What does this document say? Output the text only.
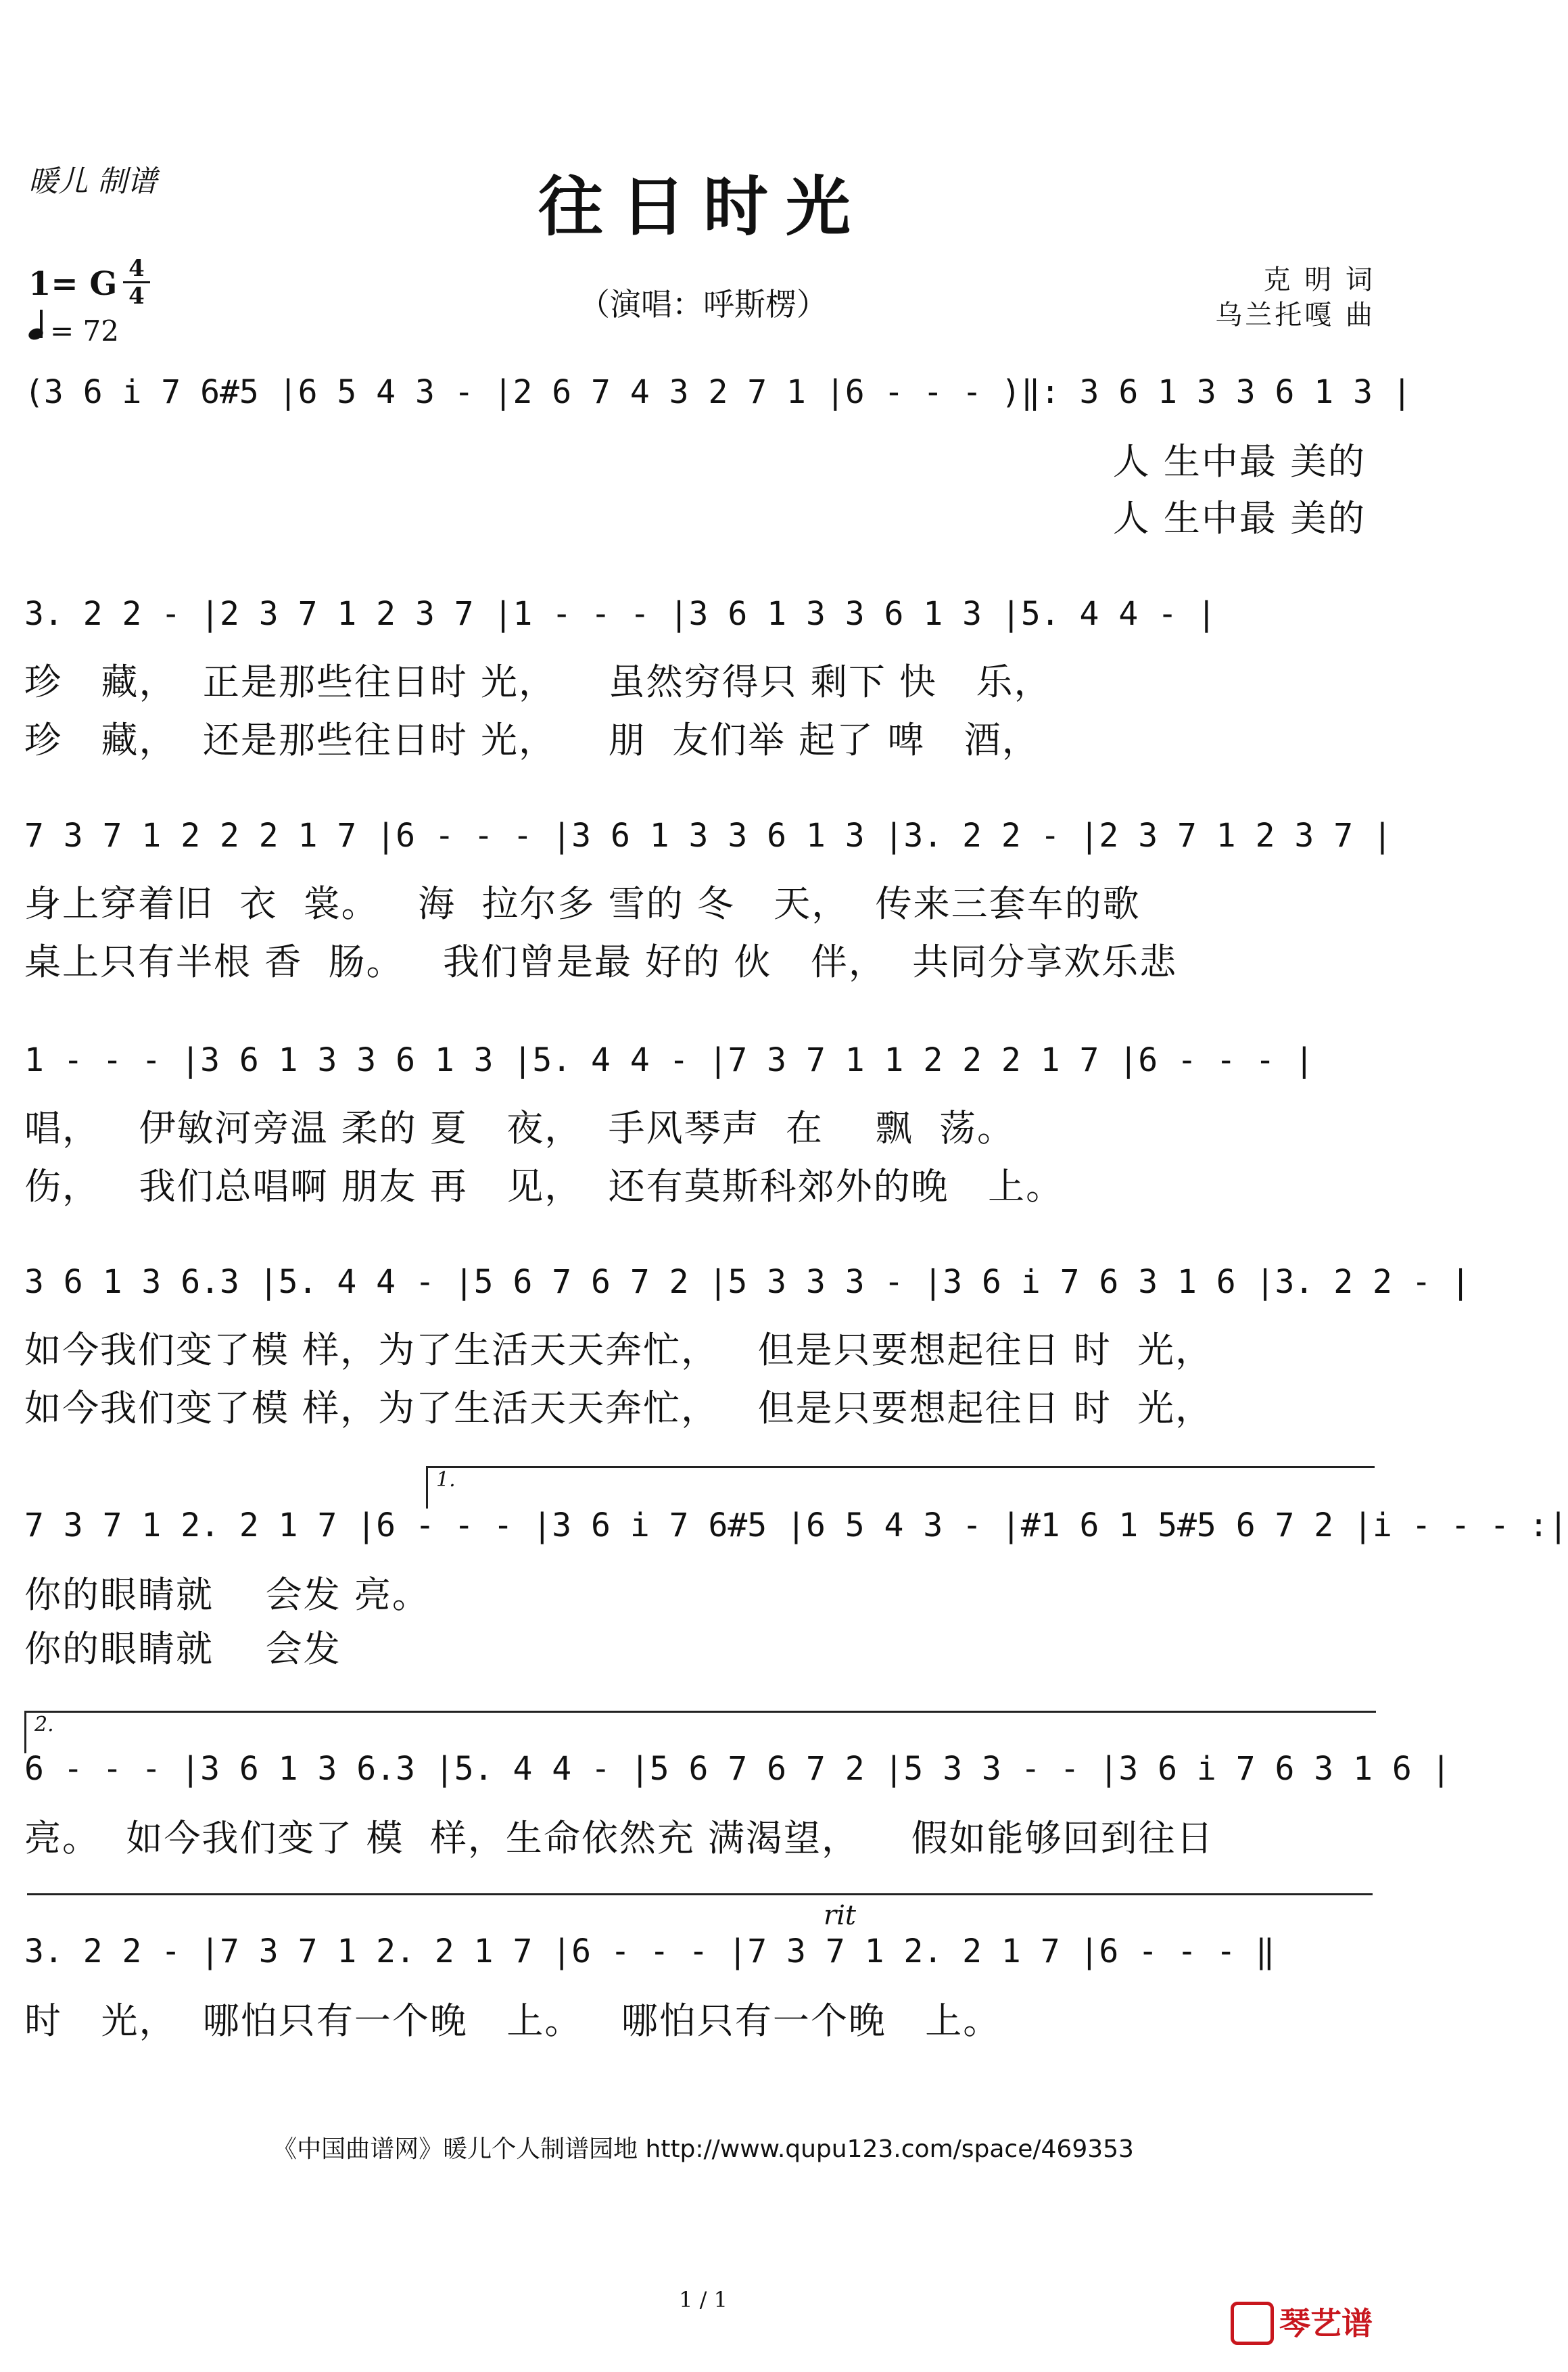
暖儿 制谱	往日时光
1= G 4
4
= 72
（演唱：呼斯楞）
克 明 词
乌兰托嘎 曲
(3 6 i 7 6#5 |6 5 4 3 - |2 6 7 4 3 2 7 1 |6 - - - )‖: 3 6 1 3 3 6 1 3 |
人 生中最 美的
人 生中最 美的
3. 2 2 - |2 3 7 1 2 3 7 |1 - - - |3 6 1 3 3 6 1 3 |5. 4 4 - |
珍   藏，  正是那些往日时 光，    虽然穷得只 剩下 快   乐，
珍   藏，  还是那些往日时 光，    朋  友们举 起了 啤   酒，
7 3 7 1 2 2 2 1 7 |6 - - - |3 6 1 3 3 6 1 3 |3. 2 2 - |2 3 7 1 2 3 7 |
身上穿着旧  衣  裳。   海  拉尔多 雪的 冬   天，  传来三套车的歌
桌上只有半根 香  肠。   我们曾是最 好的 伙   伴，  共同分享欢乐悲
1 - - - |3 6 1 3 3 6 1 3 |5. 4 4 - |7 3 7 1 1 2 2 2 1 7 |6 - - - |
唱，   伊敏河旁温 柔的 夏   夜，  手风琴声  在    飘  荡。
伤，   我们总唱啊 朋友 再   见，  还有莫斯科郊外的晚   上。
3 6 1 3 6.3 |5. 4 4 - |5 6 7 6 7 2 |5 3 3 3 - |3 6 i 7 6 3 1 6 |3. 2 2 - |
如今我们变了模 样，为了生活天天奔忙，   但是只要想起往日 时  光，
如今我们变了模 样，为了生活天天奔忙，   但是只要想起往日 时  光，
1.
7 3 7 1 2. 2 1 7 |6 - - - |3 6 i 7 6#5 |6 5 4 3 - |#1 6 1 5#5 6 7 2 |i - - - :|
你的眼睛就    会发 亮。
你的眼睛就    会发
2.
6 - - - |3 6 1 3 6.3 |5. 4 4 - |5 6 7 6 7 2 |5 3 3 - - |3 6 i 7 6 3 1 6 |
亮。  如今我们变了 模  样，生命依然充 满渴望，    假如能够回到往日
rit
3. 2 2 - |7 3 7 1 2. 2 1 7 |6 - - - |7 3 7 1 2. 2 1 7 |6 - - - ‖
时   光，  哪怕只有一个晚   上。   哪怕只有一个晚   上。
《中国曲谱网》暖儿个人制谱园地 http://www.qupu123.com/space/469353
1 / 1
琴艺谱
